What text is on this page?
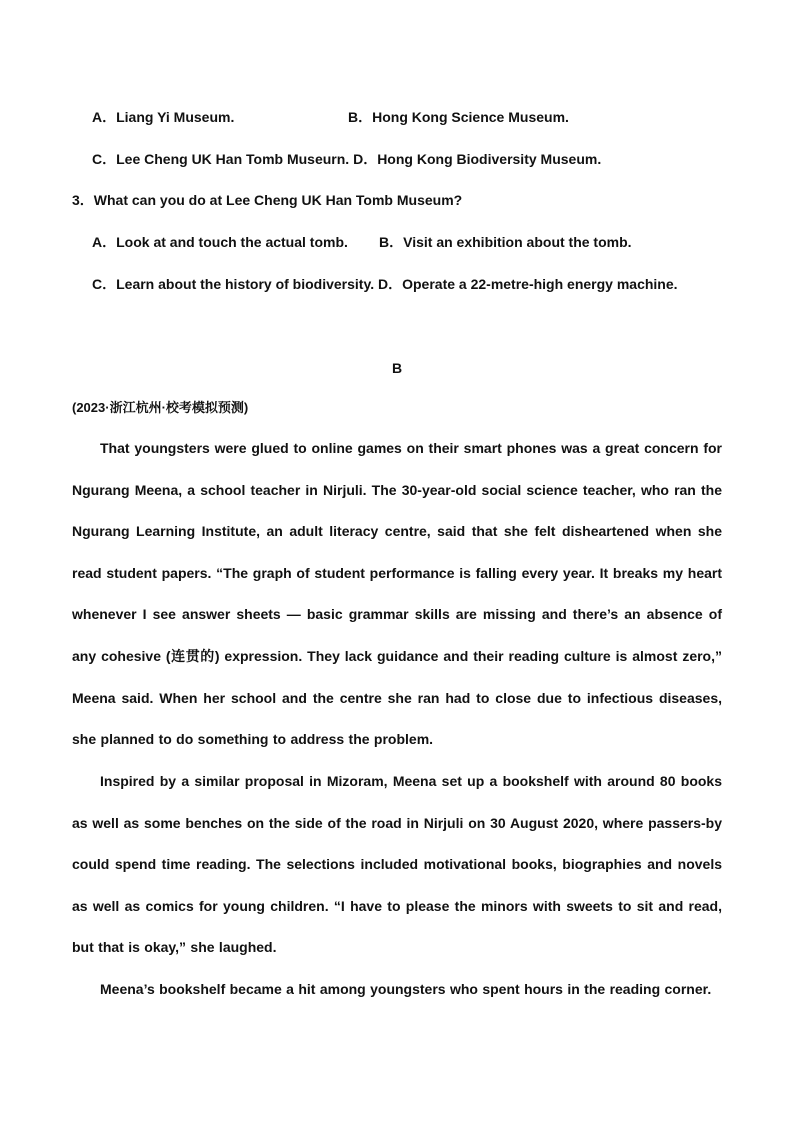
A．Liang Yi Museum.	B．Hong Kong Science Museum.
C．Lee Cheng UK Han Tomb Museurn. D．Hong Kong Biodiversity Museum.
3．What can you do at Lee Cheng UK Han Tomb Museum?
A．Look at and touch the actual tomb.        B．Visit an exhibition about the tomb.
C．Learn about the history of biodiversity. D．Operate a 22-metre-high energy machine.
B
(2023·浙江杭州·校考模拟预测)
That youngsters were glued to online games on their smart phones was a great concern for Ngurang Meena, a school teacher in Nirjuli. The 30-year-old social science teacher, who ran the Ngurang Learning Institute, an adult literacy centre, said that she felt disheartened when she read student papers. “The graph of student performance is falling every year. It breaks my heart whenever I see answer sheets — basic grammar skills are missing and there’s an absence of any cohesive (连贯的) expression. They lack guidance and their reading culture is almost zero,” Meena said. When her school and the centre she ran had to close due to infectious diseases, she planned to do something to address the problem.
Inspired by a similar proposal in Mizoram, Meena set up a bookshelf with around 80 books as well as some benches on the side of the road in Nirjuli on 30 August 2020, where passers-by could spend time reading. The selections included motivational books, biographies and novels as well as comics for young children. “I have to please the minors with sweets to sit and read, but that is okay,” she laughed.
Meena’s bookshelf became a hit among youngsters who spent hours in the reading corner.
